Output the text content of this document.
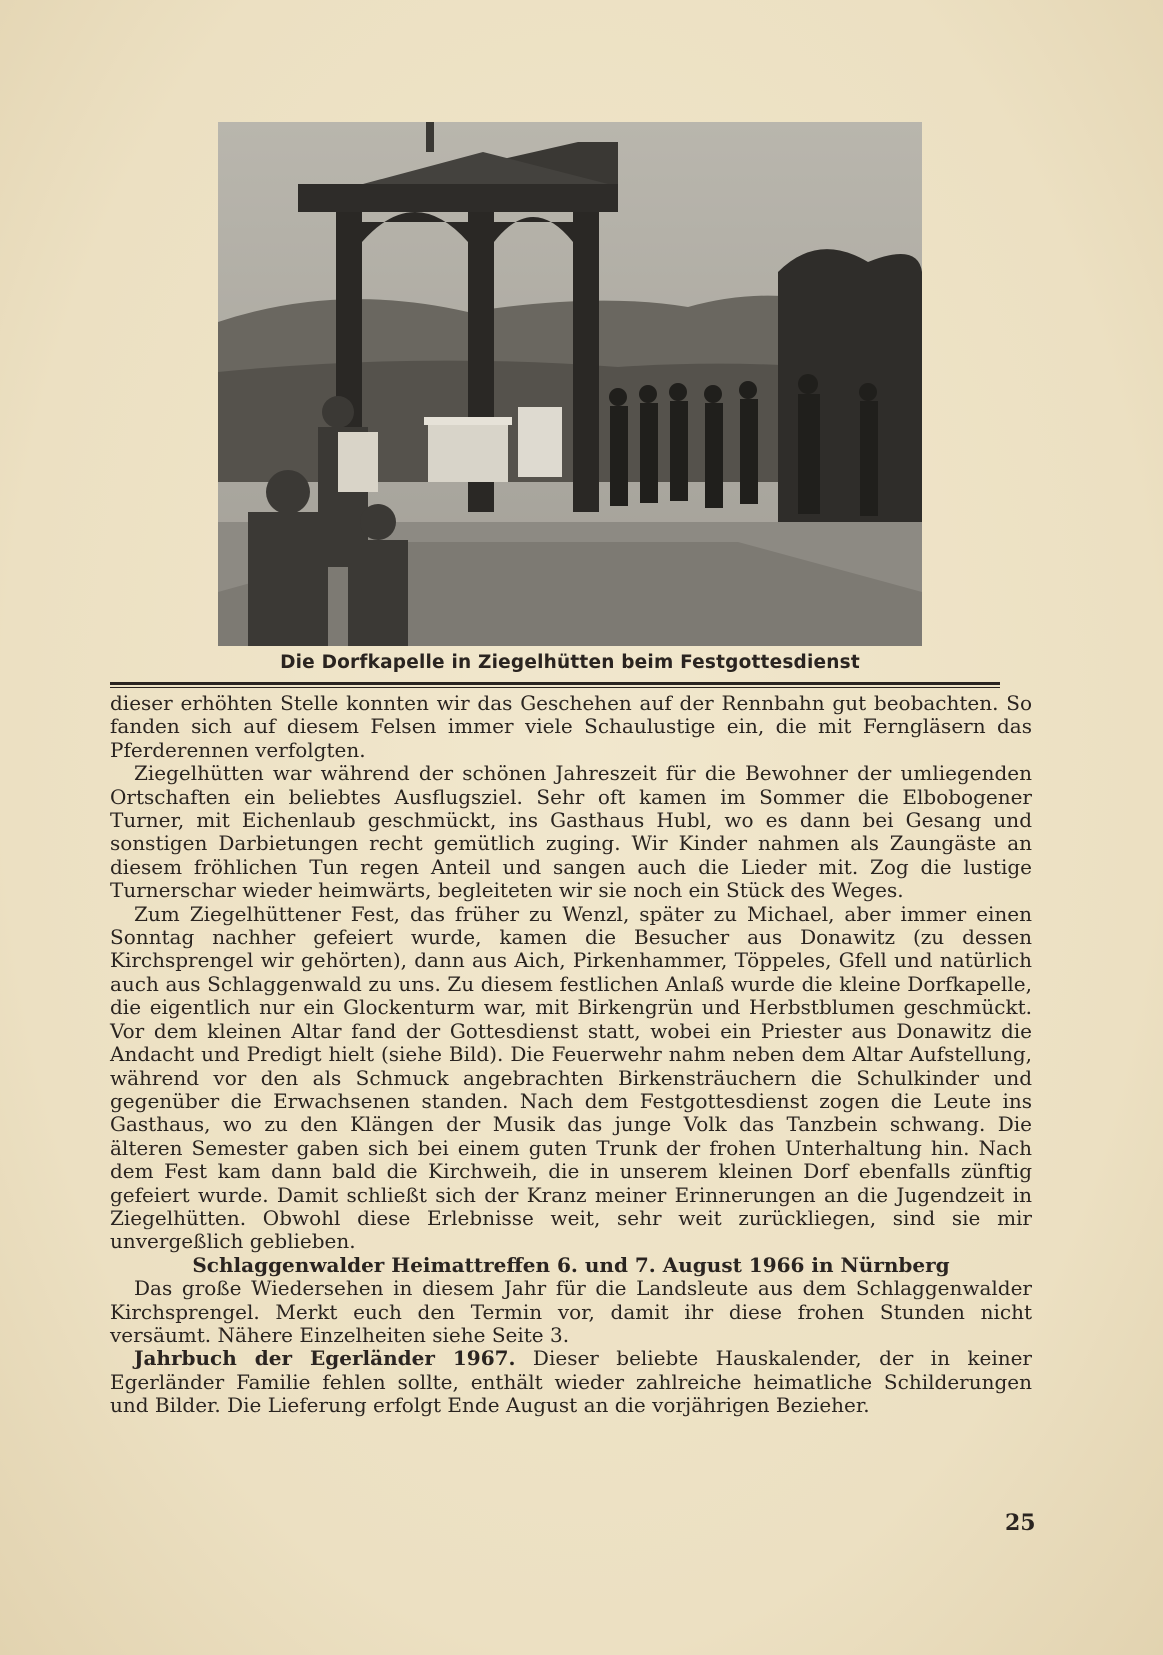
Die Dorfkapelle in Ziegelhütten beim Festgottesdienst

dieser erhöhten Stelle konnten wir das Geschehen auf der Rennbahn gut beobachten. So fanden sich auf diesem Felsen immer viele Schaulustige ein, die mit Ferngläsern das Pferderennen verfolgten.

Ziegelhütten war während der schönen Jahreszeit für die Bewohner der umliegenden Ortschaften ein beliebtes Ausflugsziel. Sehr oft kamen im Sommer die Elbobogener Turner, mit Eichenlaub geschmückt, ins Gasthaus Hubl, wo es dann bei Gesang und sonstigen Darbietungen recht gemütlich zuging. Wir Kinder nahmen als Zaungäste an diesem fröhlichen Tun regen Anteil und sangen auch die Lieder mit. Zog die lustige Turnerschar wieder heimwärts, begleiteten wir sie noch ein Stück des Weges.

Zum Ziegelhüttener Fest, das früher zu Wenzl, später zu Michael, aber immer einen Sonntag nachher gefeiert wurde, kamen die Besucher aus Donawitz (zu dessen Kirchsprengel wir gehörten), dann aus Aich, Pirkenhammer, Töppeles, Gfell und natürlich auch aus Schlaggenwald zu uns. Zu diesem festlichen Anlaß wurde die kleine Dorfkapelle, die eigentlich nur ein Glockenturm war, mit Birkengrün und Herbstblumen geschmückt. Vor dem kleinen Altar fand der Gottesdienst statt, wobei ein Priester aus Donawitz die Andacht und Predigt hielt (siehe Bild). Die Feuerwehr nahm neben dem Altar Aufstellung, während vor den als Schmuck angebrachten Birkensträuchern die Schulkinder und gegenüber die Erwachsenen standen. Nach dem Festgottesdienst zogen die Leute ins Gasthaus, wo zu den Klängen der Musik das junge Volk das Tanzbein schwang. Die älteren Semester gaben sich bei einem guten Trunk der frohen Unterhaltung hin. Nach dem Fest kam dann bald die Kirchweih, die in unserem kleinen Dorf ebenfalls zünftig gefeiert wurde. Damit schließt sich der Kranz meiner Erinnerungen an die Jugendzeit in Ziegelhütten. Obwohl diese Erlebnisse weit, sehr weit zurückliegen, sind sie mir unvergeßlich geblieben.

Schlaggenwalder Heimattreffen 6. und 7. August 1966 in Nürnberg

Das große Wiedersehen in diesem Jahr für die Landsleute aus dem Schlaggenwalder Kirchsprengel. Merkt euch den Termin vor, damit ihr diese frohen Stunden nicht versäumt. Nähere Einzelheiten siehe Seite 3.

Jahrbuch der Egerländer 1967. Dieser beliebte Hauskalender, der in keiner Egerländer Familie fehlen sollte, enthält wieder zahlreiche heimatliche Schilderungen und Bilder. Die Lieferung erfolgt Ende August an die vorjährigen Bezieher.

25
